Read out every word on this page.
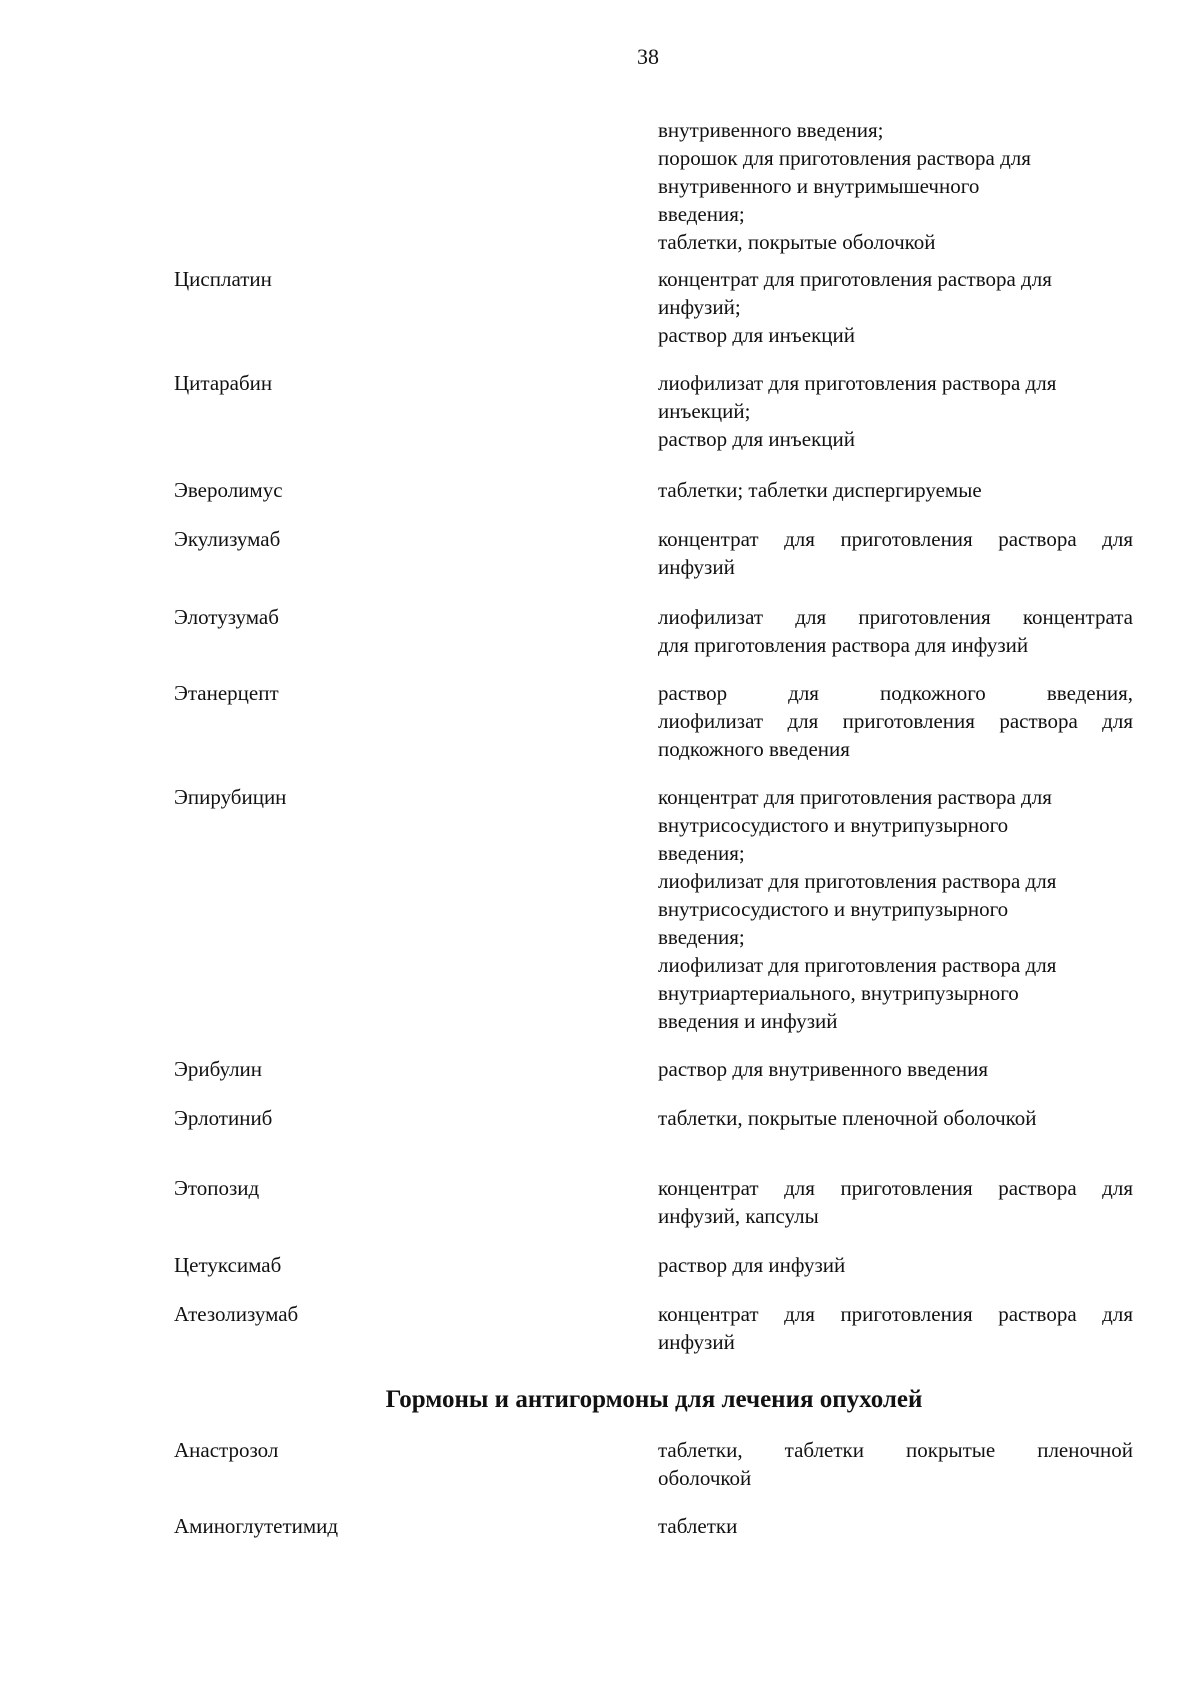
38
внутривенного введения;
порошок для приготовления раствора для
внутривенного и внутримышечного
введения;
таблетки, покрытые оболочкой
Цисплатин	концентрат для приготовления раствора для
инфузий;
раствор для инъекций
Цитарабин	лиофилизат для приготовления раствора для
инъекций;
раствор для инъекций
Эверолимус	таблетки; таблетки диспергируемые
Экулизумаб	концентрат для приготовления раствора для
инфузий
Элотузумаб	лиофилизат для приготовления концентрата
для приготовления раствора для инфузий
Этанерцепт	раствор для подкожного введения,
лиофилизат для приготовления раствора для
подкожного введения
Эпирубицин	концентрат для приготовления раствора для
внутрисосудистого и внутрипузырного
введения;
лиофилизат для приготовления раствора для
внутрисосудистого и внутрипузырного
введения;
лиофилизат для приготовления раствора для
внутриартериального, внутрипузырного
введения и инфузий
Эрибулин	раствор для внутривенного введения
Эрлотиниб	таблетки, покрытые пленочной оболочкой
Этопозид	концентрат для приготовления раствора для
инфузий, капсулы
Цетуксимаб	раствор для инфузий
Атезолизумаб	концентрат для приготовления раствора для
инфузий
Гормоны и антигормоны для лечения опухолей
Анастрозол	таблетки, таблетки покрытые пленочной
оболочкой
Аминоглутетимид	таблетки
